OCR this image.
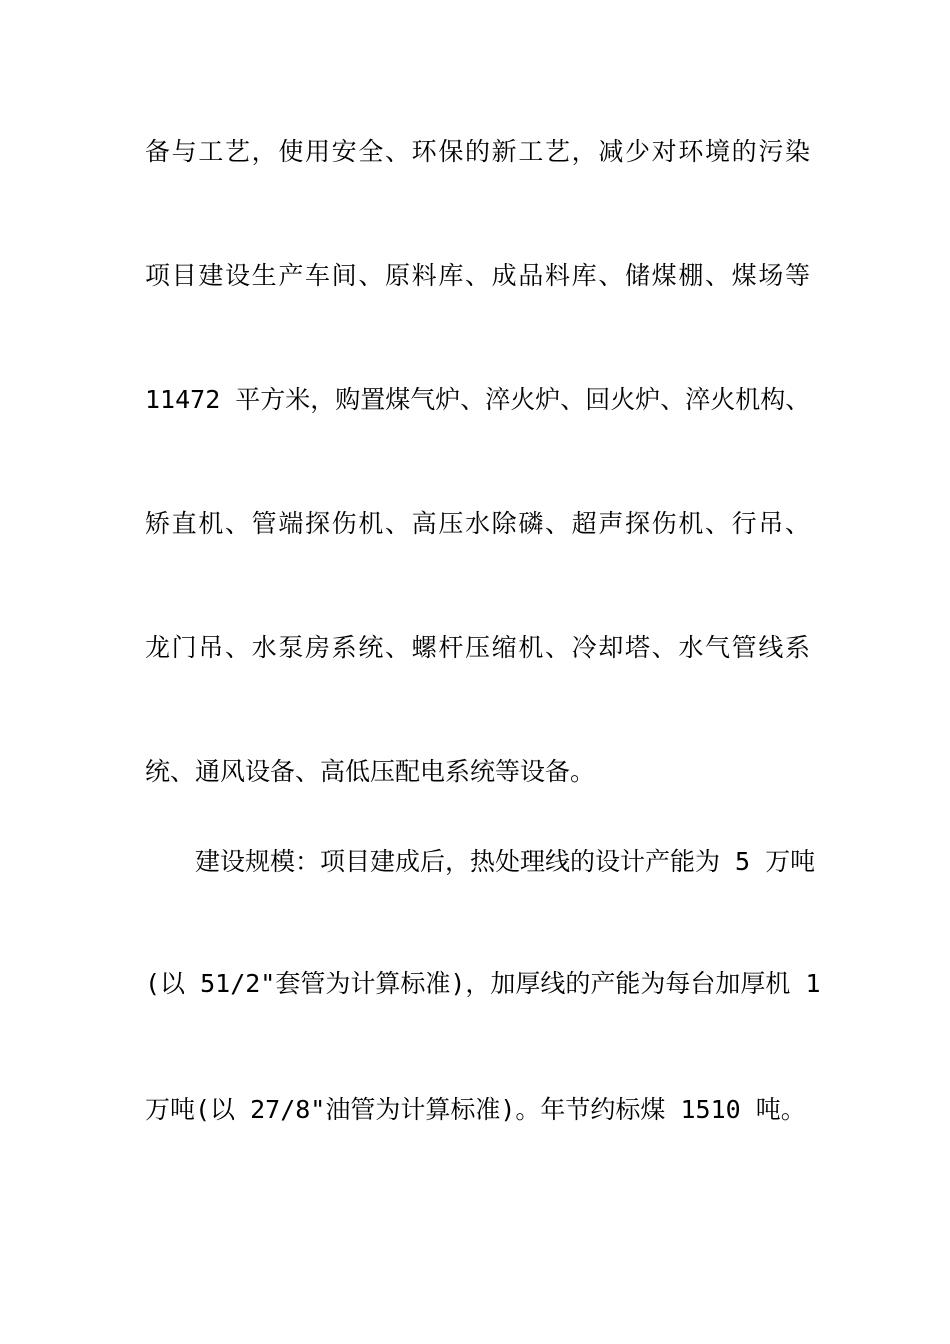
备与工艺，使用安全、环保的新工艺，减少对环境的污染
项目建设生产车间、原料库、成品料库、储煤棚、煤场等
11472 平方米，购置煤气炉、淬火炉、回火炉、淬火机构、
矫直机、管端探伤机、高压水除磷、超声探伤机、行吊、
龙门吊、水泵房系统、螺杆压缩机、冷却塔、水气管线系
统、通风设备、高低压配电系统等设备。
建设规模：项目建成后，热处理线的设计产能为 5 万吨
(以 51/2"套管为计算标准)，加厚线的产能为每台加厚机 1
万吨(以 27/8"油管为计算标准)。年节约标煤 1510 吨。
